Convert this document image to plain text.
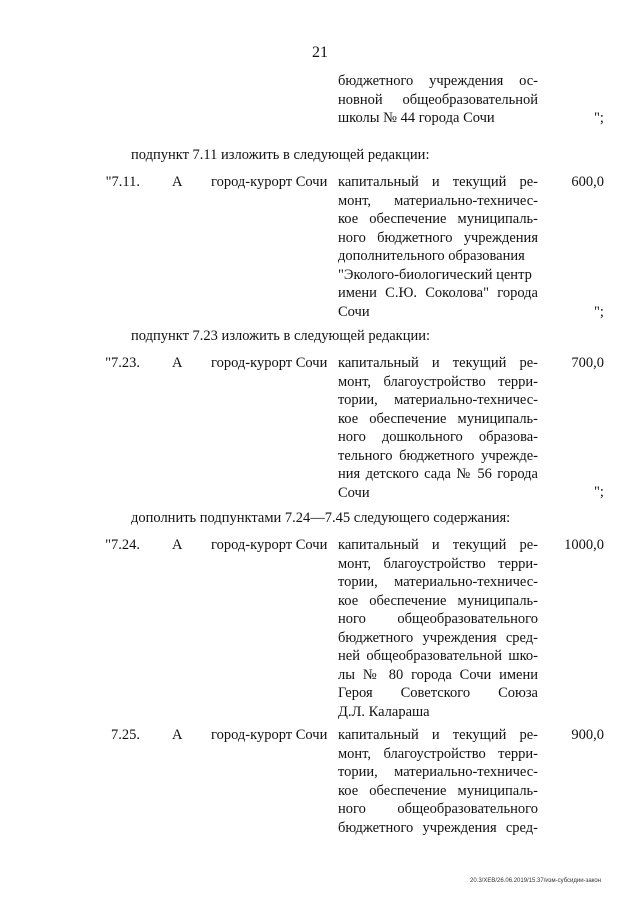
21
бюджетного учреждения ос-
новной общеобразовательной
школы № 44 города Сочи	";
подпункт 7.11 изложить в следующей редакции:
"7.11. А город-курорт Сочи	600,0
капитальный и текущий ре-
монт, материально-техничес-
кое обеспечение муниципаль-
ного бюджетного учреждения
дополнительного образования
"Эколого-биологический центр
имени С.Ю. Соколова" города
Сочи	";
подпункт 7.23 изложить в следующей редакции:
"7.23. А город-курорт Сочи	700,0
капитальный и текущий ре-
монт, благоустройство терри-
тории, материально-техничес-
кое обеспечение муниципаль-
ного дошкольного образова-
тельного бюджетного учрежде-
ния детского сада № 56 города
Сочи	";
дополнить подпунктами 7.24—7.45 следующего содержания:
"7.24. А город-курорт Сочи	1000,0
капитальный и текущий ре-
монт, благоустройство терри-
тории, материально-техничес-
кое обеспечение муниципаль-
ного общеобразовательного
бюджетного учреждения сред-
ней общеобразовательной шко-
лы № 80 города Сочи имени
Героя Советского Союза
Д.Л. Калараша
7.25. А город-курорт Сочи	900,0
капитальный и текущий ре-
монт, благоустройство терри-
тории, материально-техничес-
кое обеспечение муниципаль-
ного общеобразовательного
бюджетного учреждения сред-
20.3/XEB/26.06.2019/15.37/изм-субсидии-закон
